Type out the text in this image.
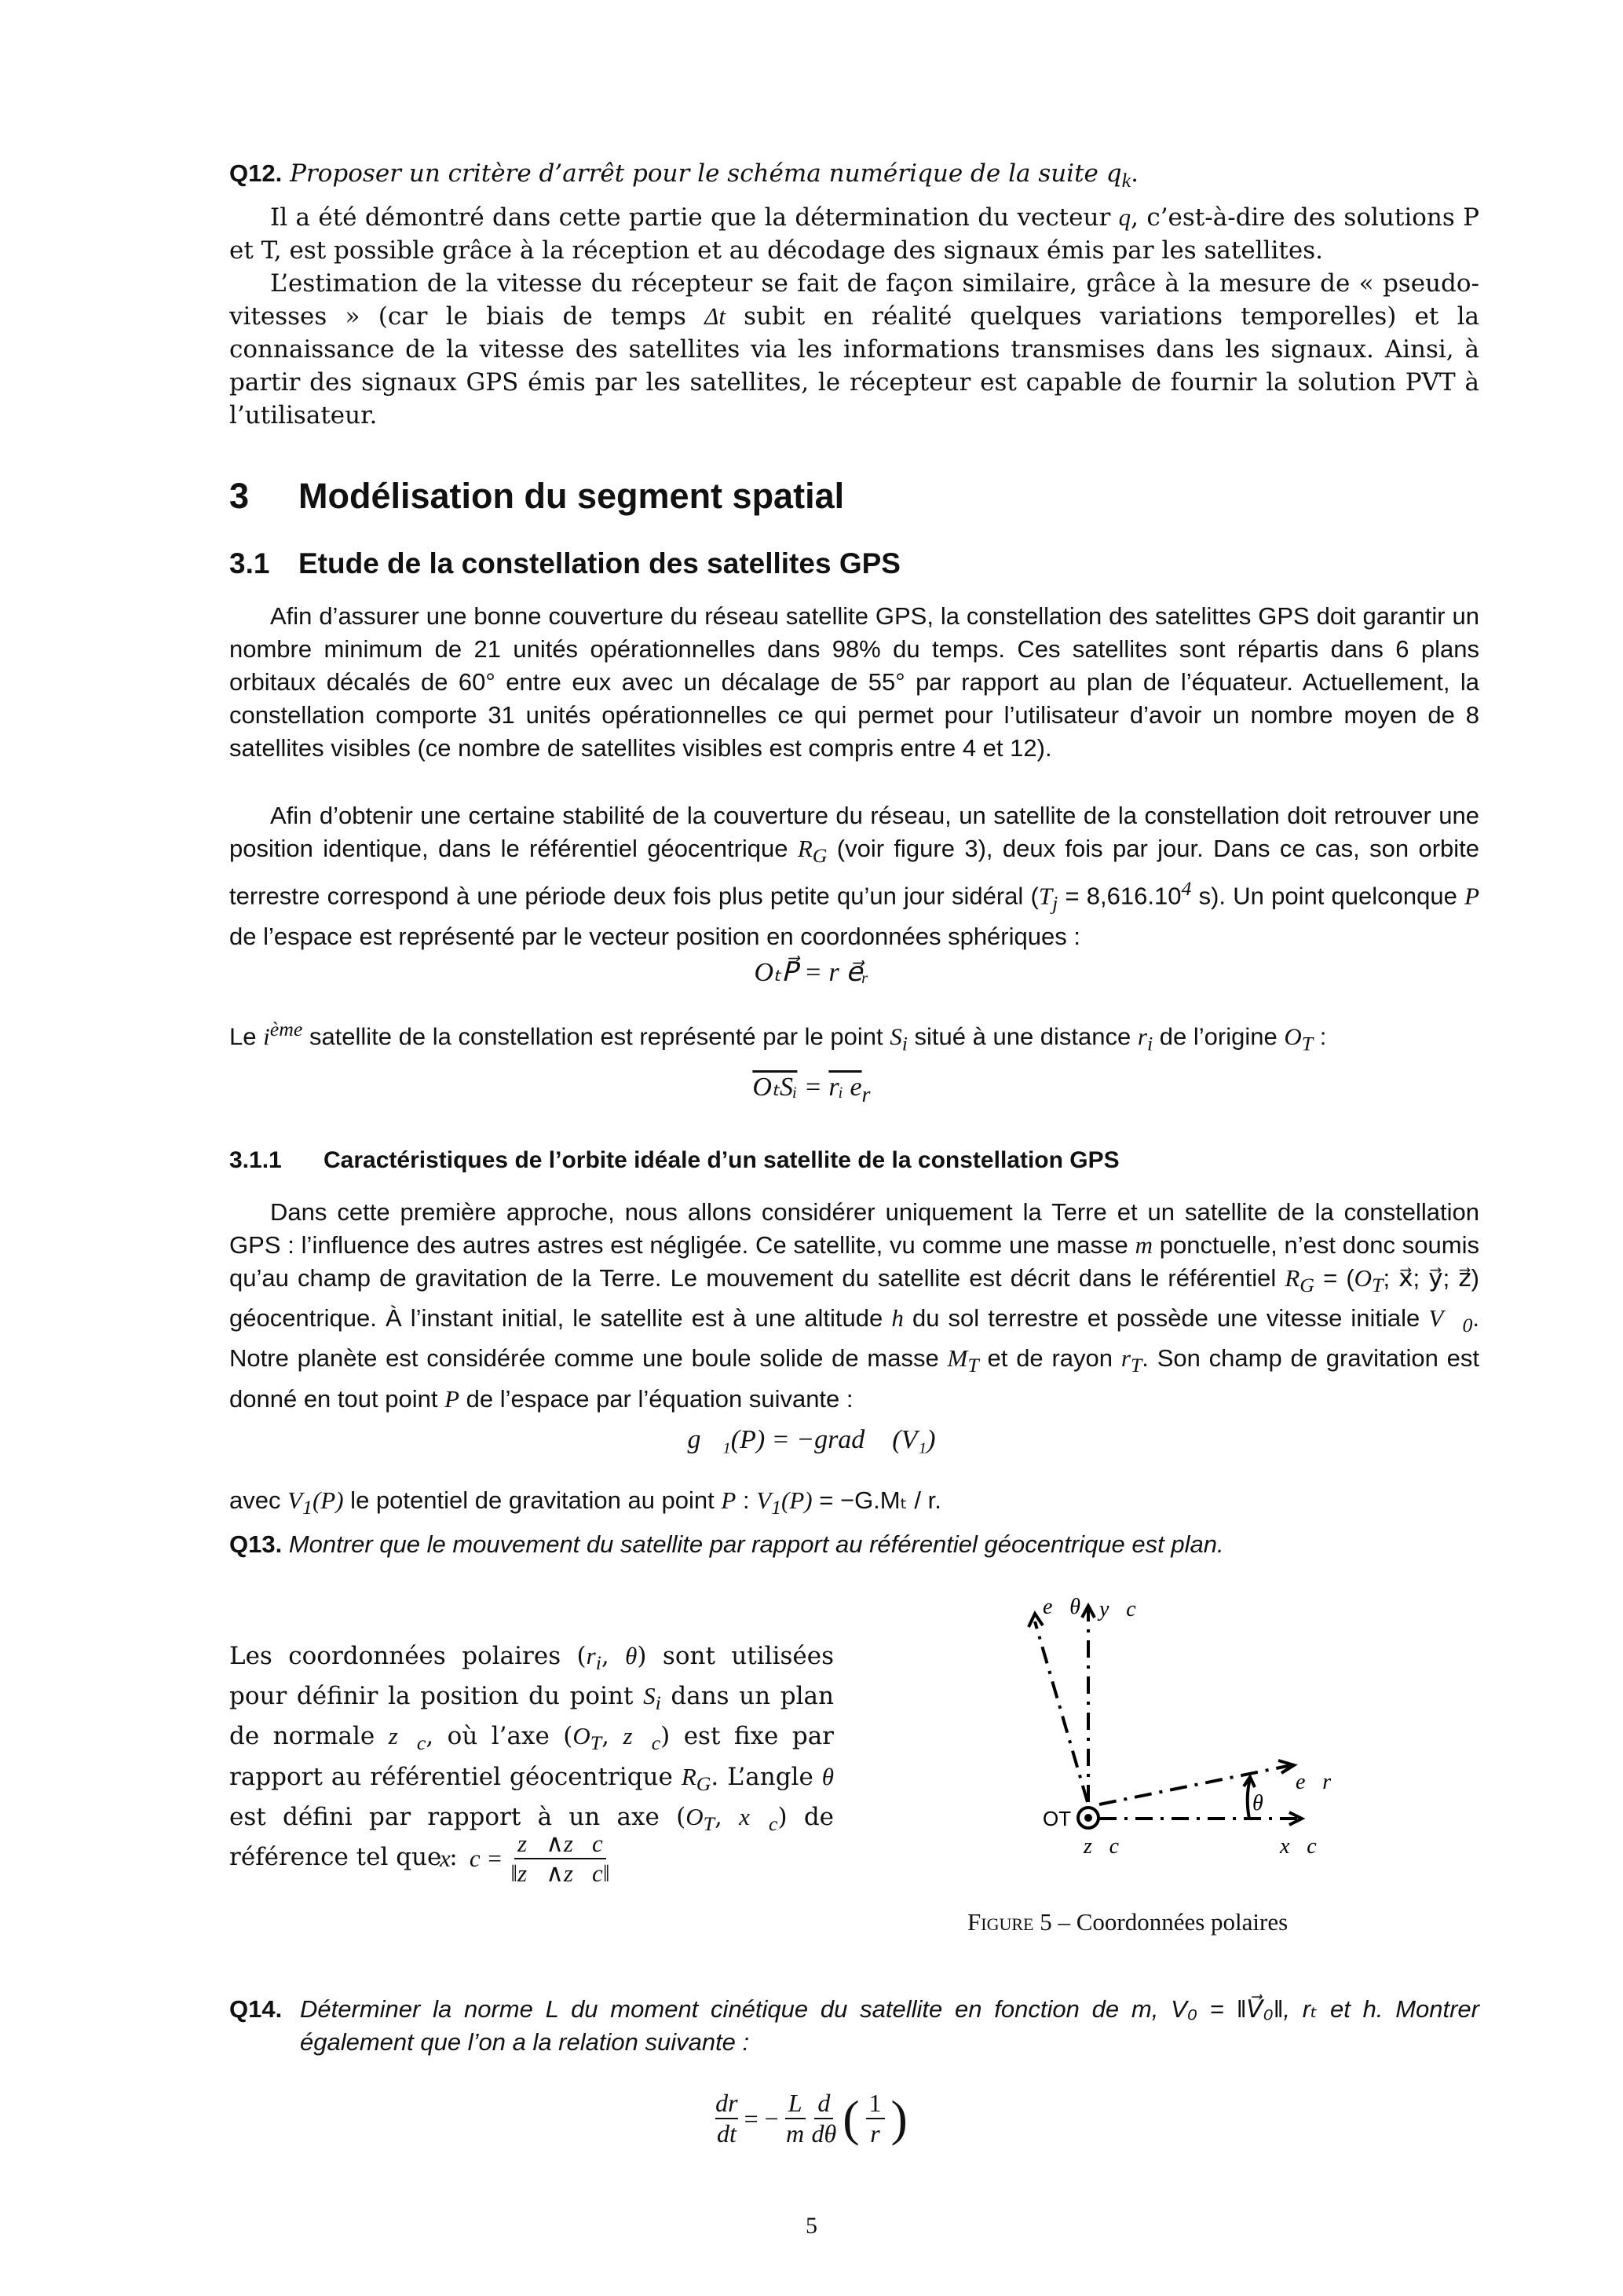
Q12. Proposer un critère d’arrêt pour le schéma numérique de la suite $q_k$.

Il a été démontré dans cette partie que la détermination du vecteur q, c’est-à-dire des solutions P et T, est possible grâce à la réception et au décodage des signaux émis par les satellites.

L’estimation de la vitesse du récepteur se fait de façon similaire, grâce à la mesure de « pseudo-vitesses » (car le biais de temps Δt subit en réalité quelques variations temporelles) et la connaissance de la vitesse des satellites via les informations transmises dans les signaux. Ainsi, à partir des signaux GPS émis par les satellites, le récepteur est capable de fournir la solution PVT à l’utilisateur.

3 Modélisation du segment spatial
3.1 Etude de la constellation des satellites GPS

Afin d’assurer une bonne couverture du réseau satellite GPS, la constellation des satelittes GPS doit garantir un nombre minimum de 21 unités opérationnelles dans 98% du temps. Ces satellites sont répartis dans 6 plans orbitaux décalés de 60° entre eux avec un décalage de 55° par rapport au plan de l’équateur. Actuellement, la constellation comporte 31 unités opérationnelles ce qui permet pour l’utilisateur d’avoir un nombre moyen de 8 satellites visibles (ce nombre de satellites visibles est compris entre 4 et 12).

Afin d’obtenir une certaine stabilité de la couverture du réseau, un satellite de la constellation doit retrouver une position identique, dans le référentiel géocentrique $R_G$ (voir figure 3), deux fois par jour. Dans ce cas, son orbite terrestre correspond à une période deux fois plus petite qu’un jour sidéral ($T_j = 8,616.10^4$ s). Un point quelconque P de l’espace est représenté par le vecteur position en coordonnées sphériques :

OₜP⃗ = r e⃗ᵣ

Le $i^{ème}$ satellite de la constellation est représenté par le point $S_i$ situé à une distance $r_i$ de l’origine $O_T$ :

OₜSᵢ = rᵢ $e_r$
3.1.1 Caractéristiques de l’orbite idéale d’un satellite de la constellation GPS

Dans cette première approche, nous allons considérer uniquement la Terre et un satellite de la constellation GPS : l’influence des autres astres est négligée. Ce satellite, vu comme une masse m ponctuelle, n’est donc soumis qu’au champ de gravitation de la Terre. Le mouvement du satellite est décrit dans le référentiel $R_G = (O_T$; x⃗; y⃗; z⃗) géocentrique. À l’instant initial, le satellite est à une altitude h du sol terrestre et possède une vitesse initiale $V⃗_0$. Notre planète est considérée comme une boule solide de masse $M_T$ et de rayon $r_T$. Son champ de gravitation est donné en tout point P de l’espace par l’équation suivante :

g⃗₁(P) = −grad⃗ (V₁)

avec $V_1(P)$ le potentiel de gravitation au point P : $V_1(P) = -G.M_t / r$.

Q13. Montrer que le mouvement du satellite par rapport au référentiel géocentrique est plan.

Les coordonnées polaires ($r_i$, θ) sont utilisées pour définir la position du point $S_i$ dans un plan de normale $z⃗_c$, où l’axe ($O_T$, $z⃗_c$) est fixe par rapport au référentiel géocentrique $R_G$. L’angle θ est défini par rapport à un axe ($O_T$, $x⃗_c$) de référence tel que :

x⃗c = $\frac{z⃗\wedge z⃗c}{‖z⃗\wedge z⃗c‖}$
e⃗θ y⃗c
e⃗r
θ
z⃗c	x⃗c
OT
Figure 5 – Coordonnées polaires
Q14. Déterminer la norme L du moment cinétique du satellite en fonction de m, V₀ = ‖V⃗₀‖, rₜ et h. Montrer également que l’on a la relation suivante :
$\frac{dr}{dt}$ = − $\frac{L}{m}$ d
dθ ( 1
r )
5
